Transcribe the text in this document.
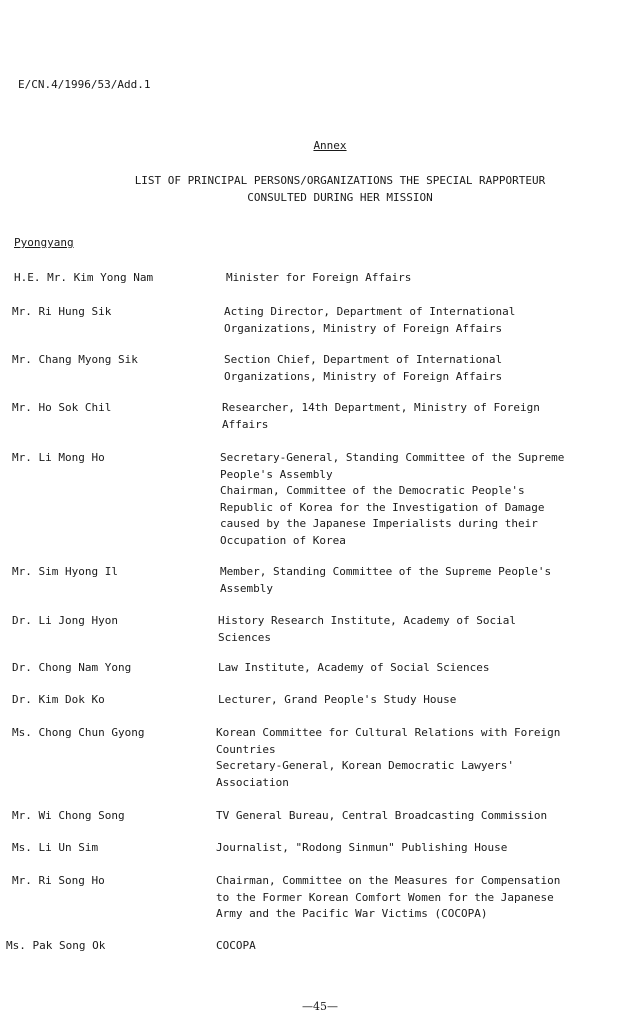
E/CN.4/1996/53/Add.1
Annex
LIST OF PRINCIPAL PERSONS/ORGANIZATIONS THE SPECIAL RAPPORTEUR
CONSULTED DURING HER MISSION
Pyongyang
H.E. Mr. Kim Yong Nam	Minister for Foreign Affairs
Mr. Ri Hung Sik	Acting Director, Department of International
Organizations, Ministry of Foreign Affairs
Mr. Chang Myong Sik	Section Chief, Department of International
Organizations, Ministry of Foreign Affairs
Mr. Ho Sok Chil	Researcher, 14th Department, Ministry of Foreign
Affairs
Mr. Li Mong Ho	Secretary-General, Standing Committee of the Supreme
People's Assembly
Chairman, Committee of the Democratic People's
Republic of Korea for the Investigation of Damage
caused by the Japanese Imperialists during their
Occupation of Korea
Mr. Sim Hyong Il	Member, Standing Committee of the Supreme People's
Assembly
Dr. Li Jong Hyon	History Research Institute, Academy of Social
Sciences
Dr. Chong Nam Yong	Law Institute, Academy of Social Sciences
Dr. Kim Dok Ko	Lecturer, Grand People's Study House
Ms. Chong Chun Gyong	Korean Committee for Cultural Relations with Foreign
Countries
Secretary-General, Korean Democratic Lawyers'
Association
Mr. Wi Chong Song	TV General Bureau, Central Broadcasting Commission
Ms. Li Un Sim	Journalist, "Rodong Sinmun" Publishing House
Mr. Ri Song Ho	Chairman, Committee on the Measures for Compensation
to the Former Korean Comfort Women for the Japanese
Army and the Pacific War Victims (COCOPA)
Ms. Pak Song Ok	COCOPA
—45—
